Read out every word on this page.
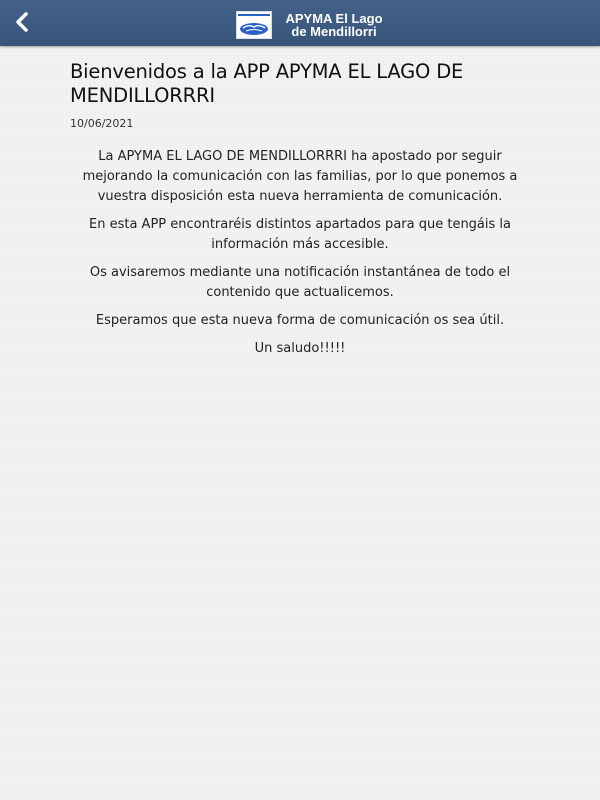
APYMA El Lago
de Mendillorri
Bienvenidos a la APP APYMA EL LAGO DE MENDILLORRRI
10/06/2021

La APYMA EL LAGO DE MENDILLORRRI ha apostado por seguir mejorando la comunicación con las familias, por lo que ponemos a vuestra disposición esta nueva herramienta de comunicación.

En esta APP encontraréis distintos apartados para que tengáis la información más accesible.

Os avisaremos mediante una notificación instantánea de todo el contenido que actualicemos.

Esperamos que esta nueva forma de comunicación os sea útil.

Un saludo!!!!!
